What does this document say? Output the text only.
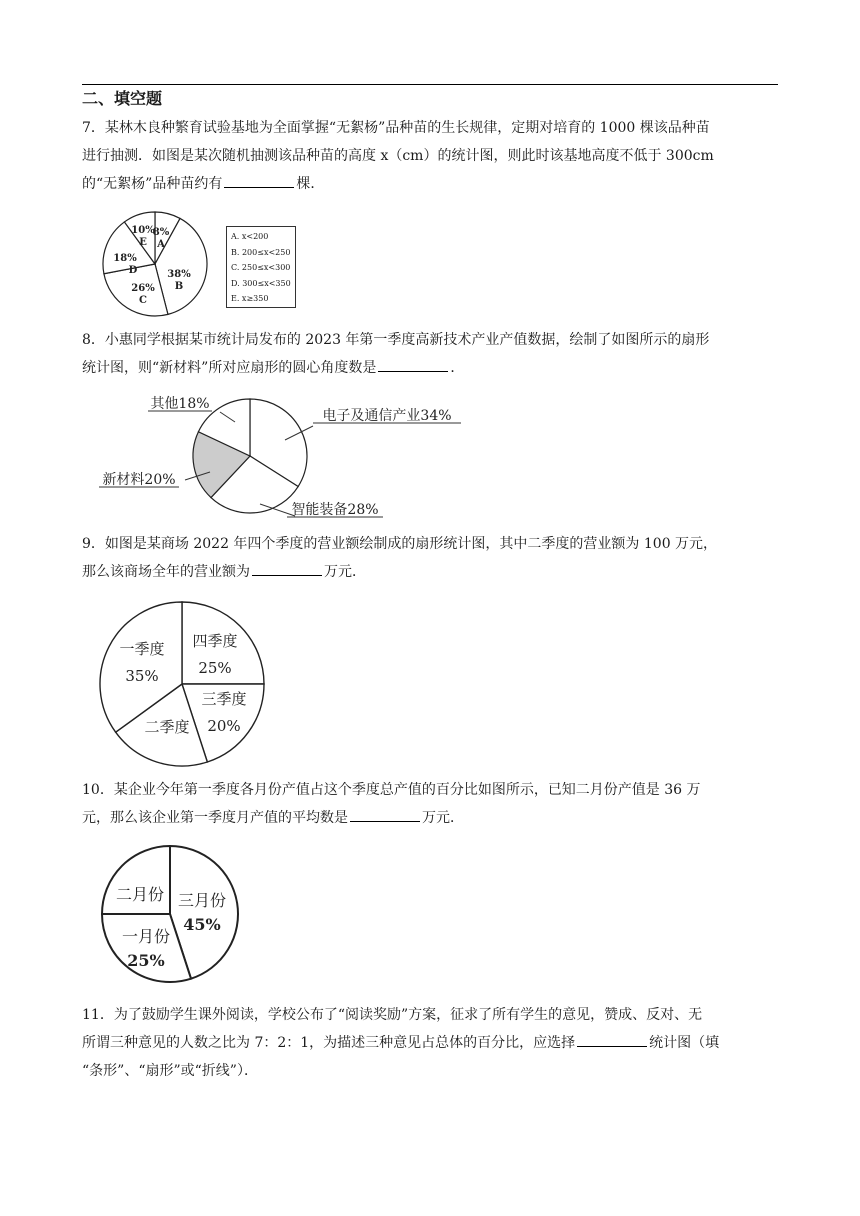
二、填空题
7．某林木良种繁育试验基地为全面掌握“无絮杨”品种苗的生长规律，定期对培育的 1000 棵该品种苗
进行抽测．如图是某次随机抽测该品种苗的高度 x（cm）的统计图，则此时该基地高度不低于 300cm
的“无絮杨”品种苗约有	棵．
8%
A
38%
B
26%
C
18%
D
10%
E
A. x<200
B. 200≤x<250
C. 250≤x<300
D. 300≤x<350
E. x≥350
8．小惠同学根据某市统计局发布的 2023 年第一季度高新技术产业产值数据，绘制了如图所示的扇形
统计图，则“新材料”所对应扇形的圆心角度数是	．
电子及通信产业34%
智能装备28%
新材料20%
其他18%
9．如图是某商场 2022 年四个季度的营业额绘制成的扇形统计图，其中二季度的营业额为 100 万元，
那么该商场全年的营业额为	万元．
四季度
25%
三季度
20%
二季度
一季度
35%
10．某企业今年第一季度各月份产值占这个季度总产值的百分比如图所示，已知二月份产值是 36 万
元，那么该企业第一季度月产值的平均数是	万元．
三月份
45%
二月份
一月份
25%
11．为了鼓励学生课外阅读，学校公布了“阅读奖励”方案，征求了所有学生的意见，赞成、反对、无
所谓三种意见的人数之比为 7：2：1，为描述三种意见占总体的百分比，应选择	统计图（填
“条形”、“扇形”或“折线”）．
